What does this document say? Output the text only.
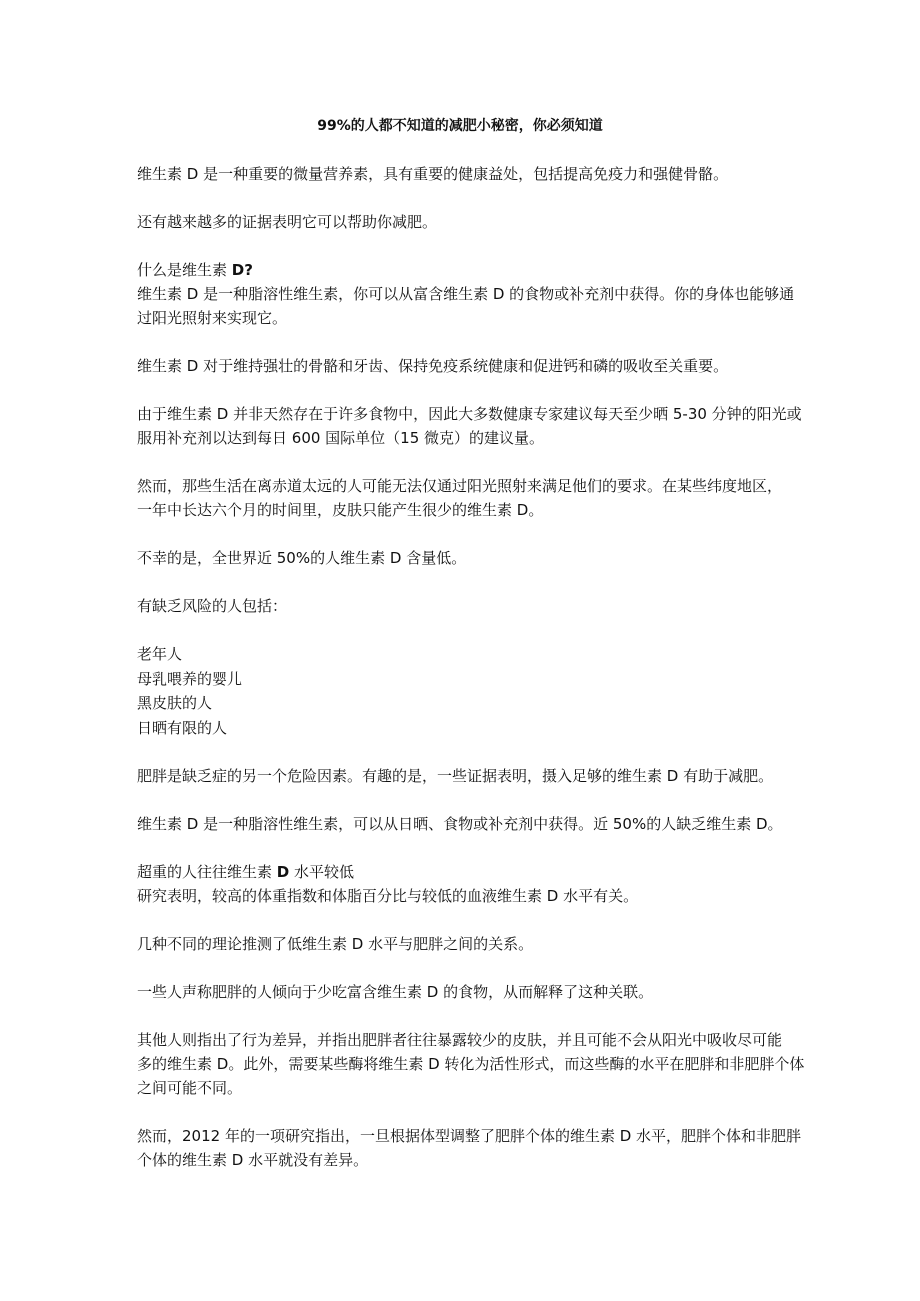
99%的人都不知道的减肥小秘密，你必须知道

维生素 D 是一种重要的微量营养素，具有重要的健康益处，包括提高免疫力和强健骨骼。

还有越来越多的证据表明它可以帮助你减肥。

什么是维生素 D?
维生素 D 是一种脂溶性维生素，你可以从富含维生素 D 的食物或补充剂中获得。你的身体也能够通
过阳光照射来实现它。

维生素 D 对于维持强壮的骨骼和牙齿、保持免疫系统健康和促进钙和磷的吸收至关重要。

由于维生素 D 并非天然存在于许多食物中，因此大多数健康专家建议每天至少晒 5-30 分钟的阳光或
服用补充剂以达到每日 600 国际单位（15 微克）的建议量。

然而，那些生活在离赤道太远的人可能无法仅通过阳光照射来满足他们的要求。在某些纬度地区，
一年中长达六个月的时间里，皮肤只能产生很少的维生素 D。

不幸的是，全世界近 50%的人维生素 D 含量低。

有缺乏风险的人包括：

老年人
母乳喂养的婴儿
黑皮肤的人
日晒有限的人

肥胖是缺乏症的另一个危险因素。有趣的是，一些证据表明，摄入足够的维生素 D 有助于减肥。

维生素 D 是一种脂溶性维生素，可以从日晒、食物或补充剂中获得。近 50%的人缺乏维生素 D。

超重的人往往维生素 D 水平较低
研究表明，较高的体重指数和体脂百分比与较低的血液维生素 D 水平有关。

几种不同的理论推测了低维生素 D 水平与肥胖之间的关系。

一些人声称肥胖的人倾向于少吃富含维生素 D 的食物，从而解释了这种关联。

其他人则指出了行为差异，并指出肥胖者往往暴露较少的皮肤，并且可能不会从阳光中吸收尽可能
多的维生素 D。此外，需要某些酶将维生素 D 转化为活性形式，而这些酶的水平在肥胖和非肥胖个体
之间可能不同。

然而，2012 年的一项研究指出，一旦根据体型调整了肥胖个体的维生素 D 水平，肥胖个体和非肥胖
个体的维生素 D 水平就没有差异。
